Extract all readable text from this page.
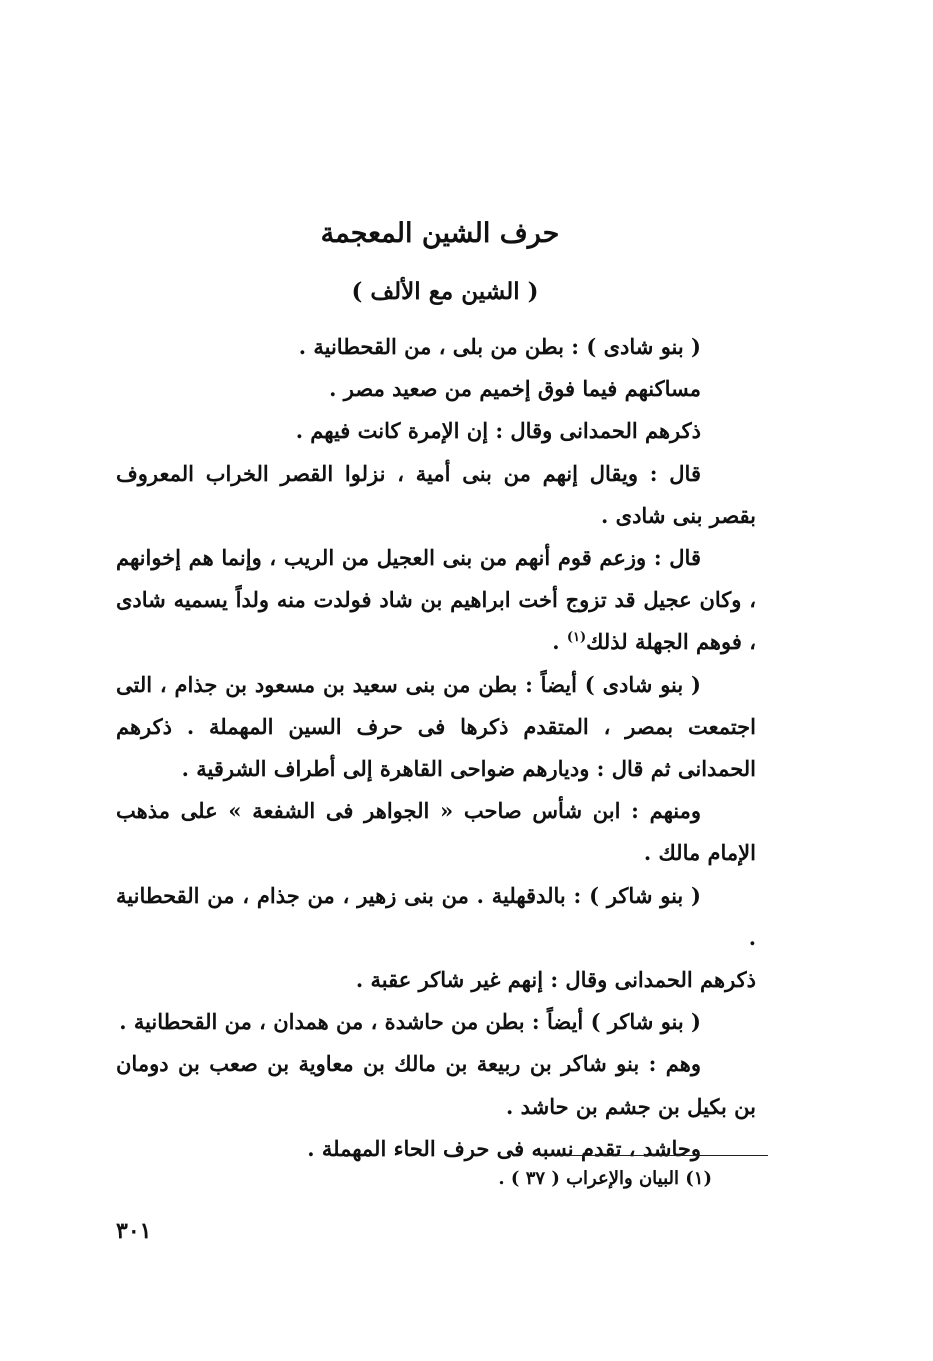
حرف الشين المعجمة
( الشين مع الألف )

( بنو شادى ) : بطن من بلى ، من القحطانية .

مساكنهم فيما فوق إخميم من صعيد مصر .

ذكرهم الحمدانى وقال : إن الإمرة كانت فيهم .

قال : ويقال إنهم من بنى أمية ، نزلوا القصر الخراب المعروف بقصر بنى شادى .

قال : وزعم قوم أنهم من بنى العجيل من الريب ، وإنما هم إخوانهم ، وكان عجيل قد تزوج أخت ابراهيم بن شاد فولدت منه ولداً يسميه شادى ، فوهم الجهلة لذلك$^{(١)}$ .

( بنو شادى ) أيضاً : بطن من بنى سعيد بن مسعود بن جذام ، التى اجتمعت بمصر ، المتقدم ذكرها فى حرف السين المهملة . ذكرهم الحمدانى ثم قال : وديارهم ضواحى القاهرة إلى أطراف الشرقية .

ومنهم : ابن شأس صاحب « الجواهر فى الشفعة » على مذهب الإمام مالك .

( بنو شاكر ) : بالدقهلية . من بنى زهير ، من جذام ، من القحطانية .

ذكرهم الحمدانى وقال : إنهم غير شاكر عقبة .

( بنو شاكر ) أيضاً : بطن من حاشدة ، من همدان ، من القحطانية .

وهم : بنو شاكر بن ربيعة بن مالك بن معاوية بن صعب بن دومان بن بكيل بن جشم بن حاشد .

وحاشد ، تقدم نسبه فى حرف الحاء المهملة .

(١) البيان والإعراب ( ٣٧ ) .
٣٠١
